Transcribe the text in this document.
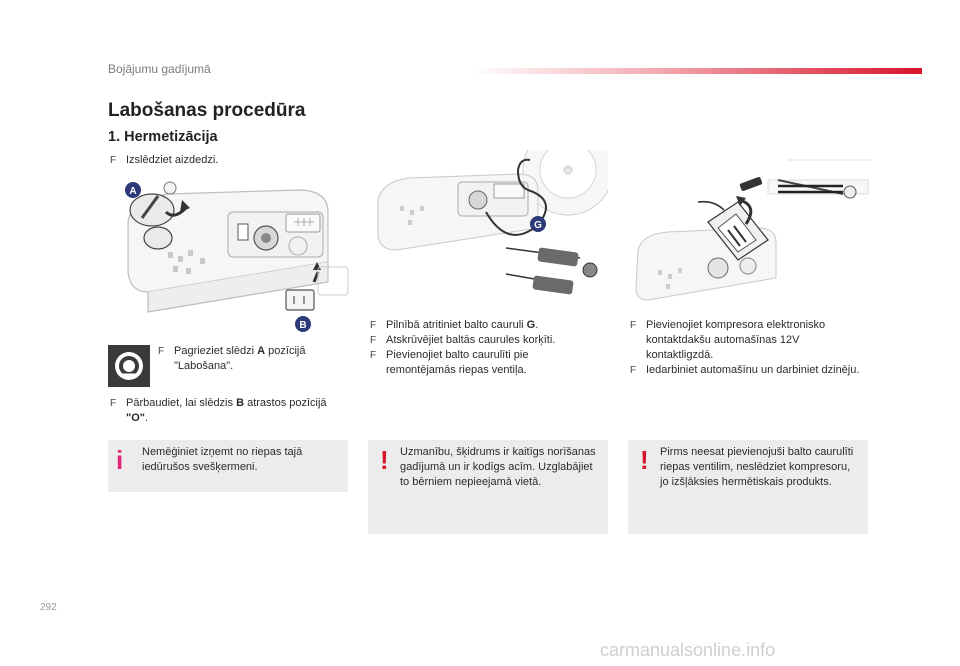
Bojājumu gadījumā
Labošanas procedūra
1. Hermetizācija
F Izslēdziet aizdedzi.
A
B
F Pagrieziet slēdzi A pozīcijā "Labošana".
F Pārbaudiet, lai slēdzis B atrastos pozīcijā "O".
i	Nemēģiniet izņemt no riepas tajā iedūrušos svešķermeni.
G
F Pilnībā atritiniet balto cauruli G.
F Atskrūvējiet baltās caurules korķīti.
F Pievienojiet balto caurulīti pie remontējamās riepas ventiļa.
! Uzmanību, šķidrums ir kaitīgs norīšanas gadījumā un ir kodīgs acīm. Uzglabājiet to bērniem nepieejamā vietā.
F Pievienojiet kompresora elektronisko kontaktdakšu automašīnas 12V kontaktligzdā.
F Iedarbiniet automašīnu un darbiniet dzinēju.
! Pirms neesat pievienojuši balto caurulīti riepas ventilim, neslēdziet kompresoru, jo izšļāksies hermētiskais produkts.
292
carmanualsonline.info
